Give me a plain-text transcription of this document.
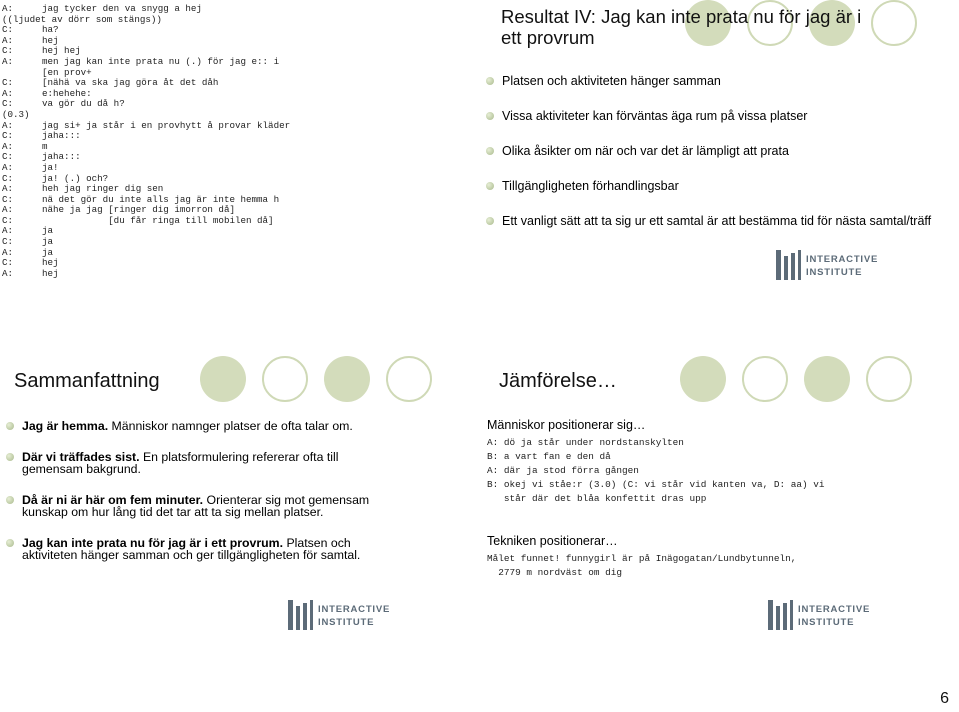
A:	jag tycker den va snygg a hej
((ljudet av dörr som stängs))
C:	ha?
A:	hej
C:	hej hej
A:	men jag kan inte prata nu (.) för jag e:: i
[en prov+
C:	[nähä va ska jag göra åt det dåh
A:	e:hehehe:
C:	va gör du då h?
(0.3)
A:	jag si+ ja står i en provhytt å provar kläder
C:	jaha:::
A:	m
C:	jaha:::
A:	ja!
C:	ja! (.) och?
A:	heh jag ringer dig sen
C:	nä det gör du inte alls jag är inte hemma h
A:	nähe ja jag [ringer dig imorron då]
C:	[du får ringa till mobilen då]
A:	ja
C:	ja
A:	ja
C:	hej
A:	hej
Resultat IV: Jag kan inte prata nu för jag är i ett provrum
Platsen och aktiviteten hänger samman
Vissa aktiviteter kan förväntas äga rum på vissa platser
Olika åsikter om när och var det är lämpligt att prata
Tillgängligheten förhandlingsbar
Ett vanligt sätt att ta sig ur ett samtal är att bestämma tid för nästa samtal/träff
INTERACTIVE
INSTITUTE
Sammanfattning
Jag är hemma. Människor namnger platser de ofta talar om.
Där vi träffades sist. En platsformulering refererar ofta till gemensam bakgrund.
Då är ni är här om fem minuter. Orienterar sig mot gemensam kunskap om hur lång tid det tar att ta sig mellan platser.
Jag kan inte prata nu för jag är i ett provrum. Platsen och aktiviteten hänger samman och ger tillgängligheten för samtal.
INTERACTIVE
INSTITUTE
Jämförelse…

Människor positionerar sig…

A: dö ja står under nordstanskylten
B: a vart fan e den då
A: där ja stod förra gången
B: okej vi ståe:r (3.0) (C: vi står vid kanten va, D: aa) vi
står där det blåa konfettit dras upp

Tekniken positionerar…

Målet funnet! funnygirl är på Inägogatan/Lundbytunneln,
2779 m nordväst om dig
INTERACTIVE
INSTITUTE
6
